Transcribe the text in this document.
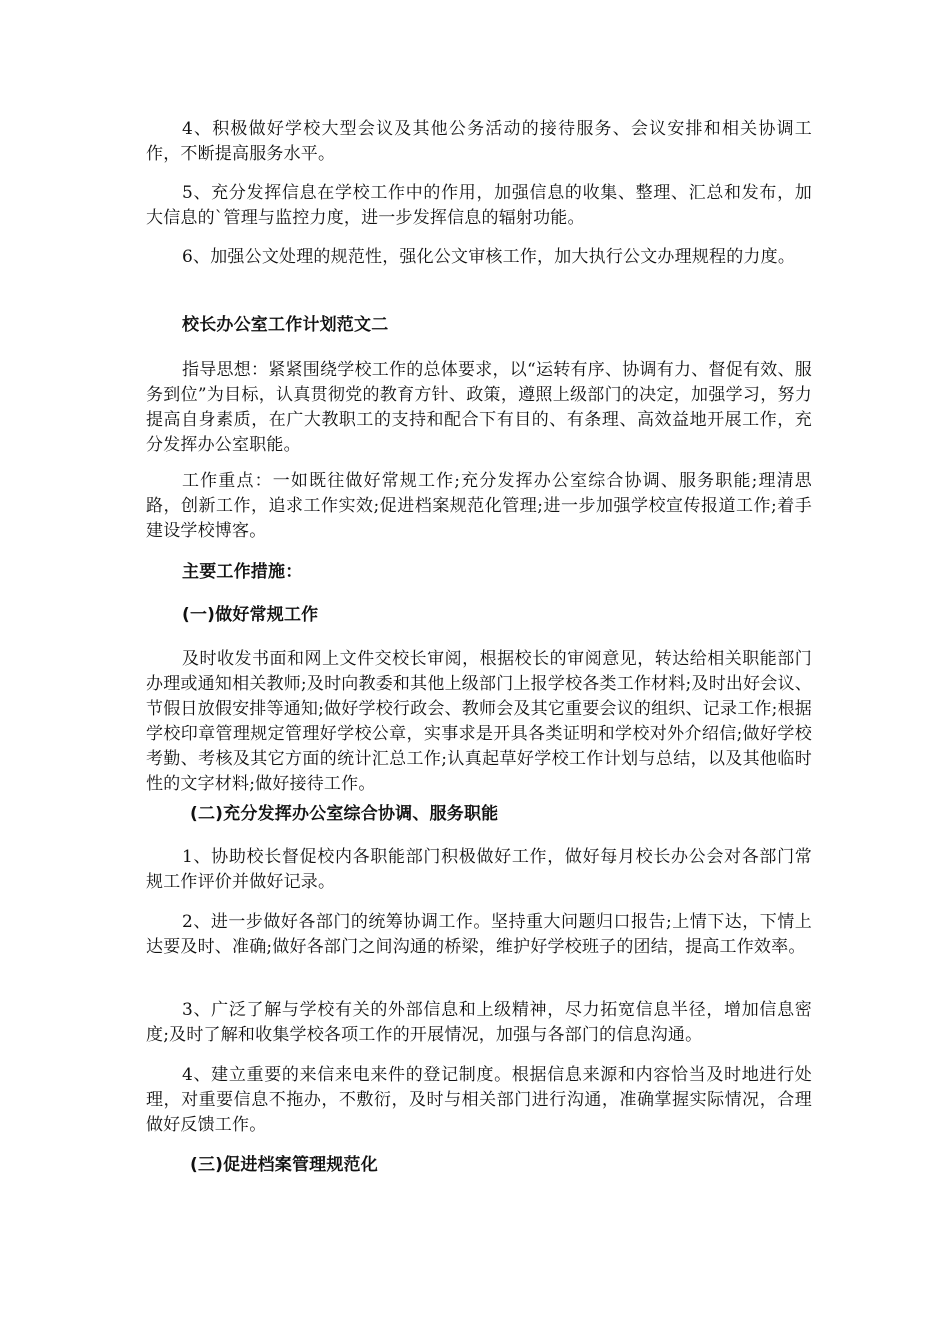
4、积极做好学校大型会议及其他公务活动的接待服务、会议安排和相关协调工作，不断提高服务水平。
5、充分发挥信息在学校工作中的作用，加强信息的收集、整理、汇总和发布，加大信息的`管理与监控力度，进一步发挥信息的辐射功能。
6、加强公文处理的规范性，强化公文审核工作，加大执行公文办理规程的力度。
校长办公室工作计划范文二
指导思想：紧紧围绕学校工作的总体要求，以“运转有序、协调有力、督促有效、服务到位”为目标，认真贯彻党的教育方针、政策，遵照上级部门的决定，加强学习，努力提高自身素质，在广大教职工的支持和配合下有目的、有条理、高效益地开展工作，充分发挥办公室职能。
工作重点：一如既往做好常规工作;充分发挥办公室综合协调、服务职能;理清思路，创新工作，追求工作实效;促进档案规范化管理;进一步加强学校宣传报道工作;着手建设学校博客。
主要工作措施：
(一)做好常规工作
及时收发书面和网上文件交校长审阅，根据校长的审阅意见，转达给相关职能部门办理或通知相关教师;及时向教委和其他上级部门上报学校各类工作材料;及时出好会议、节假日放假安排等通知;做好学校行政会、教师会及其它重要会议的组织、记录工作;根据学校印章管理规定管理好学校公章，实事求是开具各类证明和学校对外介绍信;做好学校考勤、考核及其它方面的统计汇总工作;认真起草好学校工作计划与总结，以及其他临时性的文字材料;做好接待工作。
(二)充分发挥办公室综合协调、服务职能
1、协助校长督促校内各职能部门积极做好工作，做好每月校长办公会对各部门常规工作评价并做好记录。
2、进一步做好各部门的统筹协调工作。坚持重大问题归口报告;上情下达，下情上达要及时、准确;做好各部门之间沟通的桥梁，维护好学校班子的团结，提高工作效率。
3、广泛了解与学校有关的外部信息和上级精神，尽力拓宽信息半径，增加信息密度;及时了解和收集学校各项工作的开展情况，加强与各部门的信息沟通。
4、建立重要的来信来电来件的登记制度。根据信息来源和内容恰当及时地进行处理，对重要信息不拖办，不敷衍，及时与相关部门进行沟通，准确掌握实际情况，合理做好反馈工作。
(三)促进档案管理规范化
